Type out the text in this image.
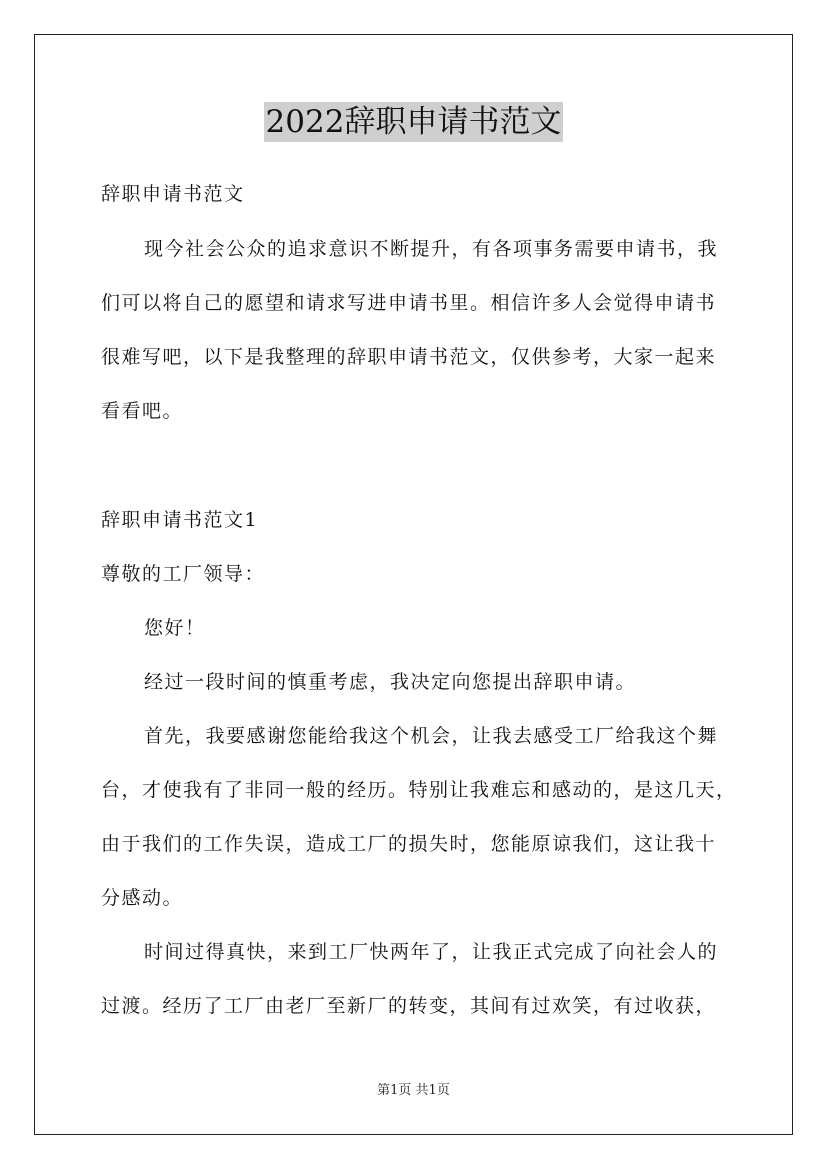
2022辞职申请书范文
辞职申请书范文
现今社会公众的追求意识不断提升，有各项事务需要申请书，我
们可以将自己的愿望和请求写进申请书里。相信许多人会觉得申请书
很难写吧，以下是我整理的辞职申请书范文，仅供参考，大家一起来
看看吧。
辞职申请书范文1
尊敬的工厂领导：
您好！
经过一段时间的慎重考虑，我决定向您提出辞职申请。
首先，我要感谢您能给我这个机会，让我去感受工厂给我这个舞
台，才使我有了非同一般的经历。特别让我难忘和感动的，是这几天，
由于我们的工作失误，造成工厂的损失时，您能原谅我们，这让我十
分感动。
时间过得真快，来到工厂快两年了，让我正式完成了向社会人的
过渡。经历了工厂由老厂至新厂的转变，其间有过欢笑，有过收获，
第1页 共1页
